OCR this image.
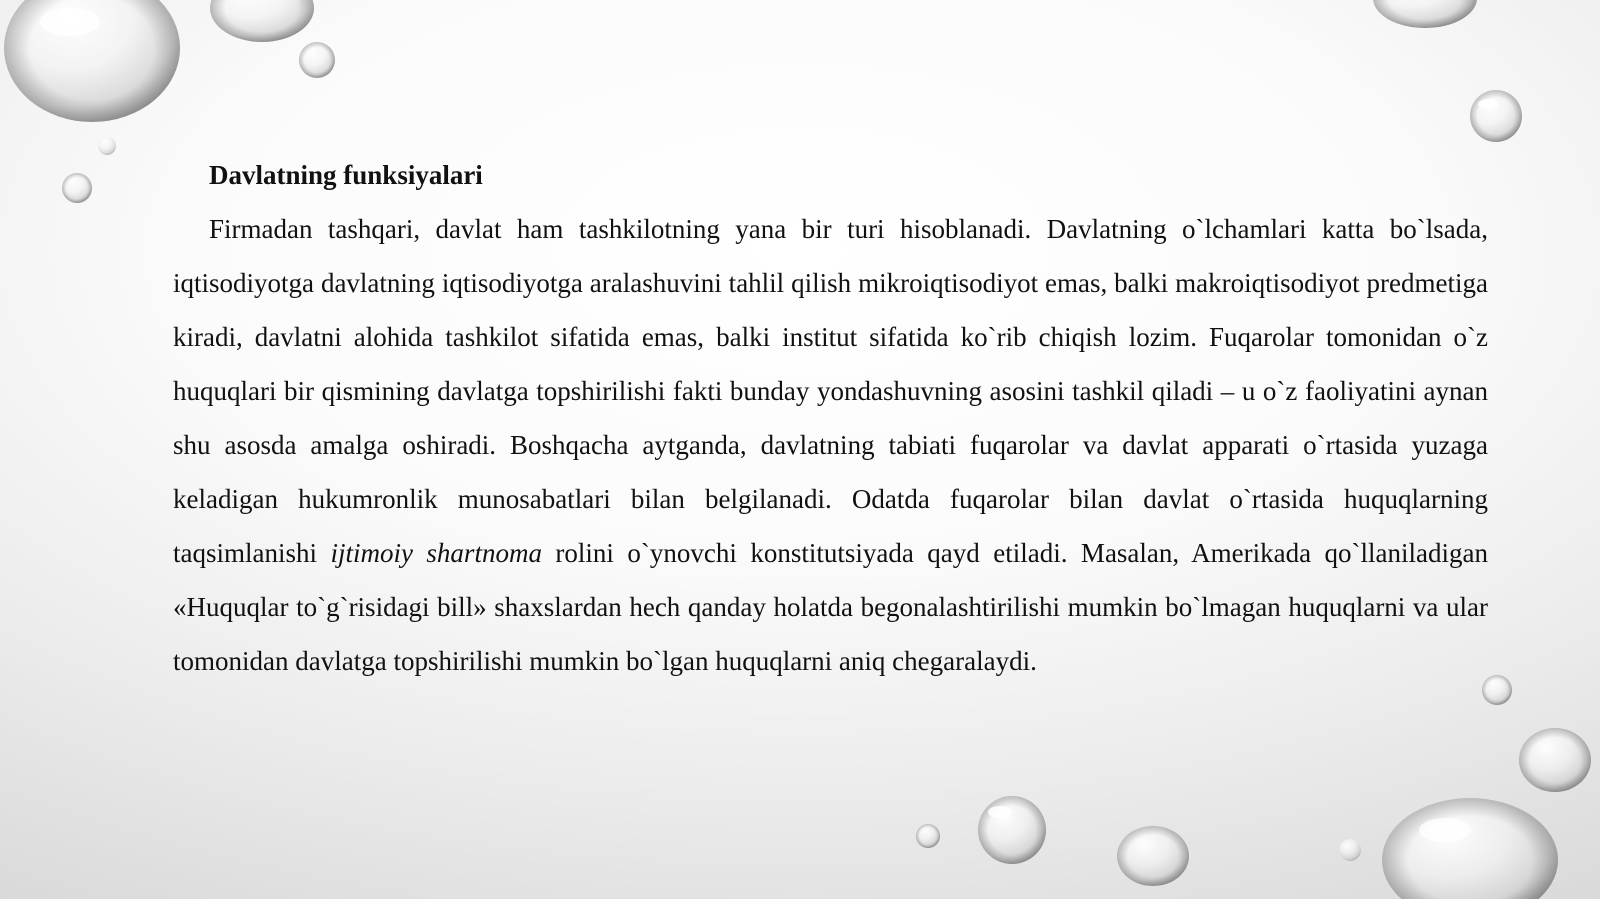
Davlatning funksiyalari

Firmadan tashqari, davlat ham tashkilotning yana bir turi hisoblanadi. Davlatning o`lchamlari katta bo`lsada, iqtisodiyotga davlatning iqtisodiyotga aralashuvini tahlil qilish mikroiqtisodiyot emas, balki makroiqtisodiyot predmetiga kiradi, davlatni alohida tashkilot sifatida emas, balki institut sifatida ko`rib chiqish lozim. Fuqarolar tomonidan o`z huquqlari bir qismining davlatga topshirilishi fakti bunday yondashuvning asosini tashkil qiladi – u o`z faoliyatini aynan shu asosda amalga oshiradi. Boshqacha aytganda, davlatning tabiati fuqarolar va davlat apparati o`rtasida yuzaga keladigan hukumronlik munosabatlari bilan belgilanadi. Odatda fuqarolar bilan davlat o`rtasida huquqlarning taqsimlanishi ijtimoiy shartnoma rolini o`ynovchi konstitutsiyada qayd etiladi. Masalan, Amerikada qo`llaniladigan «Huquqlar to`g`risidagi bill» shaxslardan hech qanday holatda begonalashtirilishi mumkin bo`lmagan huquqlarni va ular tomonidan davlatga topshirilishi mumkin bo`lgan huquqlarni aniq chegaralaydi.
